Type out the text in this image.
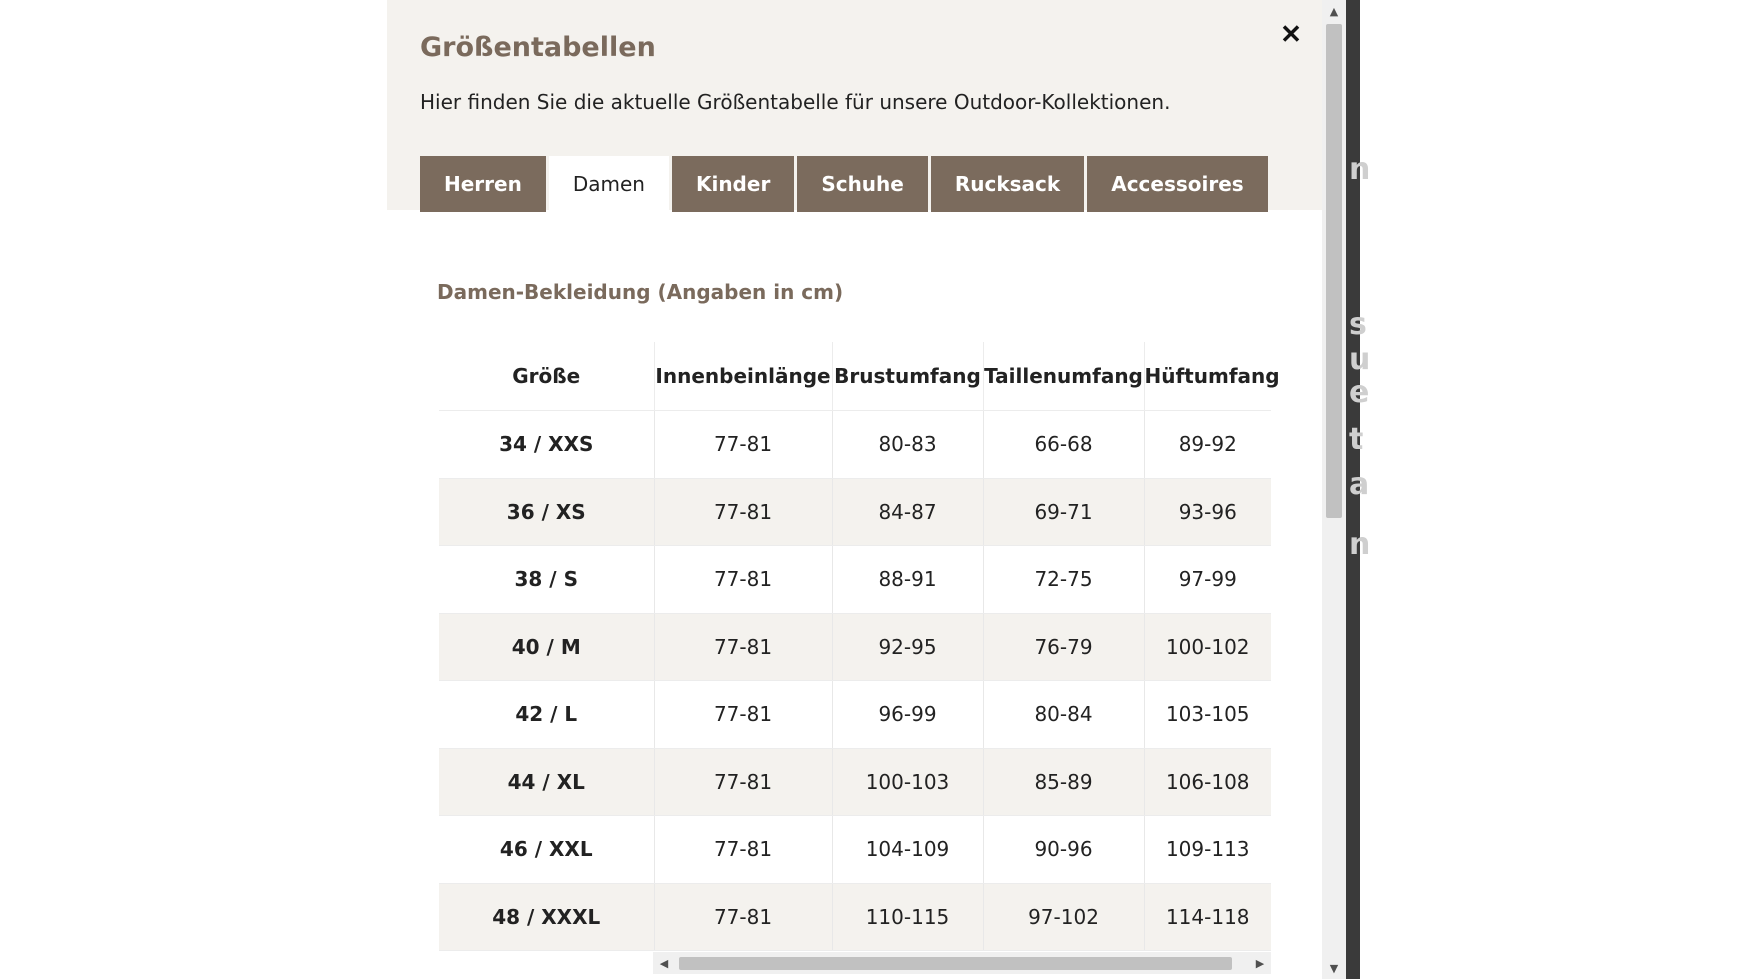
n
s
u
e
t
a
n
Größentabellen

Hier finden Sie die aktuelle Größentabelle für unsere Outdoor-Kollektionen.

✕
Herren	Damen	Kinder	Schuhe	Rucksack	Accessoires
Damen-Bekleidung (Angaben in cm)
Größe	Innenbeinlänge	Brustumfang	Taillenumfang	Hüftumfang
34 / XXS	77-81	80-83	66-68	89-92
36 / XS	77-81	84-87	69-71	93-96
38 / S	77-81	88-91	72-75	97-99
40 / M	77-81	92-95	76-79	100-102
42 / L	77-81	96-99	80-84	103-105
44 / XL	77-81	100-103	85-89	106-108
46 / XXL	77-81	104-109	90-96	109-113
48 / XXXL	77-81	110-115	97-102	114-118
◀	▶
▲
▼
